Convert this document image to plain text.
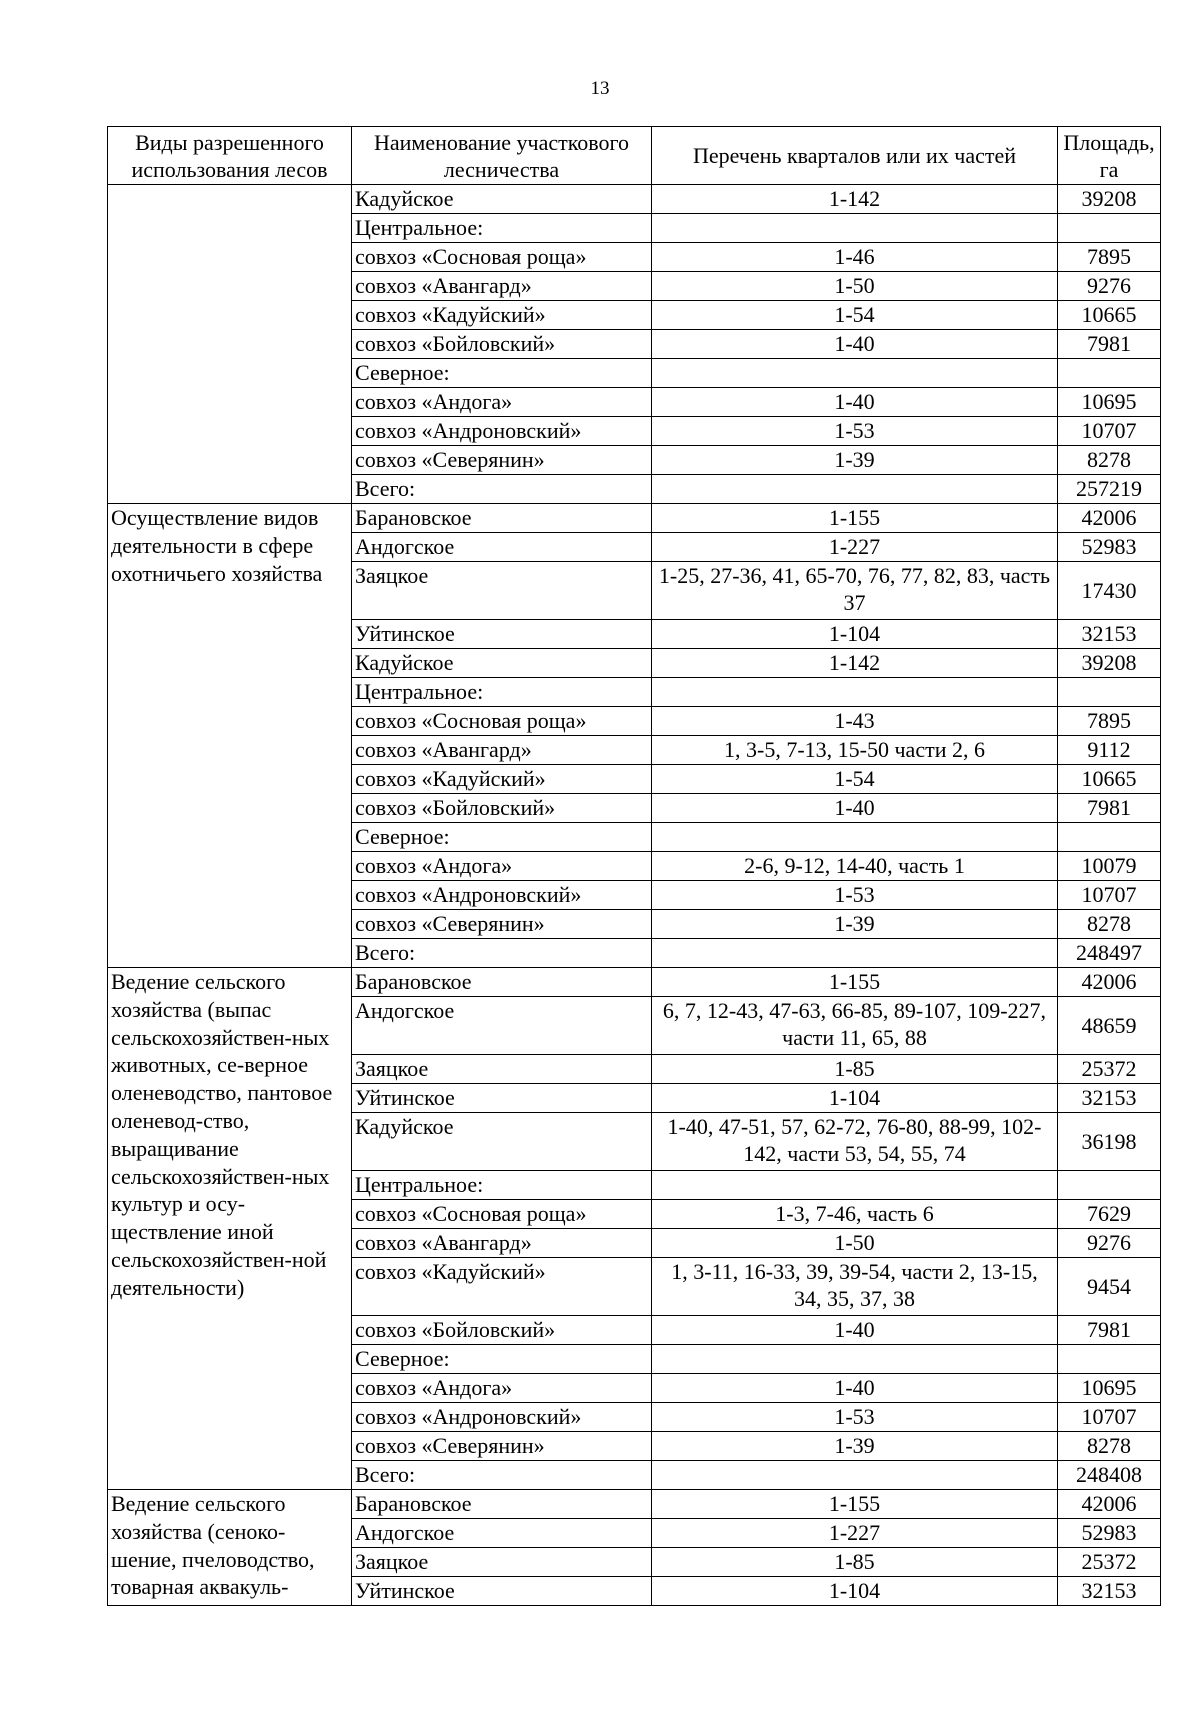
13
Виды разрешенного использования лесов	Наименование участкового лесничества	Перечень кварталов или их частей	Площадь, га
	Кадуйское	1-142	39208
	Центральное:		
	совхоз «Сосновая роща»	1-46	7895
	совхоз «Авангард»	1-50	9276
	совхоз «Кадуйский»	1-54	10665
	совхоз «Бойловский»	1-40	7981
	Северное:		
	совхоз «Андога»	1-40	10695
	совхоз «Андроновский»	1-53	10707
	совхоз «Северянин»	1-39	8278
	Всего:		257219
Осуществление видов деятельности в сфере охотничьего хозяйства	Барановское	1-155	42006
	Андогское	1-227	52983
	Заяцкое	1-25, 27-36, 41, 65-70, 76, 77, 82, 83, часть 37	17430
	Уйтинское	1-104	32153
	Кадуйское	1-142	39208
	Центральное:		
	совхоз «Сосновая роща»	1-43	7895
	совхоз «Авангард»	1, 3-5, 7-13, 15-50 части 2, 6	9112
	совхоз «Кадуйский»	1-54	10665
	совхоз «Бойловский»	1-40	7981
	Северное:		
	совхоз «Андога»	2-6, 9-12, 14-40, часть 1	10079
	совхоз «Андроновский»	1-53	10707
	совхоз «Северянин»	1-39	8278
	Всего:		248497
Ведение сельского хозяйства (выпас сельскохозяйствен-ных животных, се-верное оленеводство, пантовое оленевод-ство, выращивание сельскохозяйствен-ных культур и осу-ществление иной сельскохозяйствен-ной деятельности)	Барановское	1-155	42006
	Андогское	6, 7, 12-43, 47-63, 66-85, 89-107, 109-227, части 11, 65, 88	48659
	Заяцкое	1-85	25372
	Уйтинское	1-104	32153
	Кадуйское	1-40, 47-51, 57, 62-72, 76-80, 88-99, 102-142, части 53, 54, 55, 74	36198
	Центральное:		
	совхоз «Сосновая роща»	1-3, 7-46, часть 6	7629
	совхоз «Авангард»	1-50	9276
	совхоз «Кадуйский»	1, 3-11, 16-33, 39, 39-54, части 2, 13-15, 34, 35, 37, 38	9454
	совхоз «Бойловский»	1-40	7981
	Северное:		
	совхоз «Андога»	1-40	10695
	совхоз «Андроновский»	1-53	10707
	совхоз «Северянин»	1-39	8278
	Всего:		248408
Ведение сельского хозяйства (сеноко-шение, пчеловодство, товарная аквакуль-	Барановское	1-155	42006
	Андогское	1-227	52983
	Заяцкое	1-85	25372
	Уйтинское	1-104	32153
